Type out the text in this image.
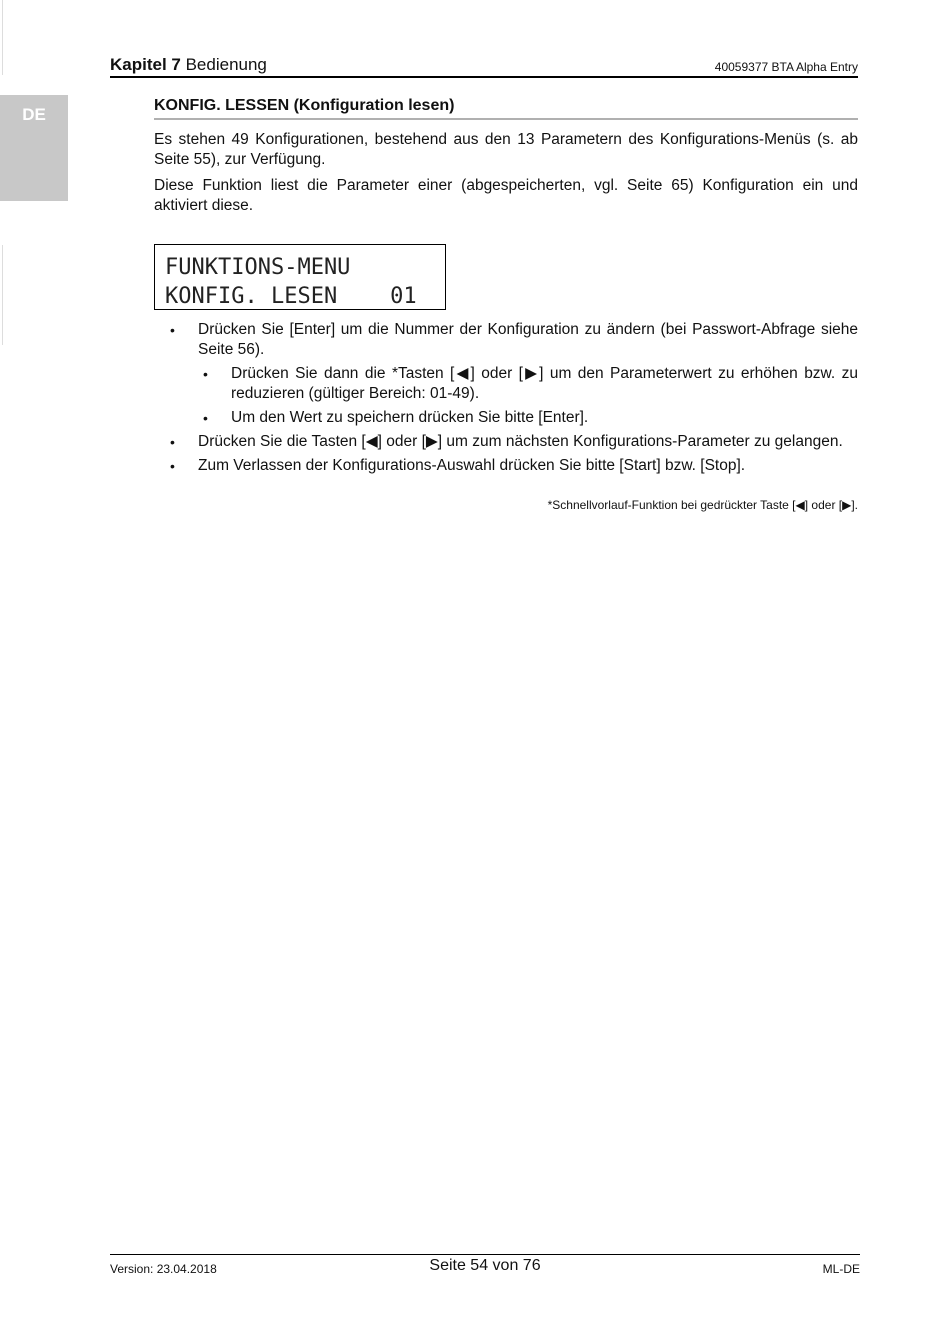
DE
Kapitel 7 Bedienung	40059377 BTA Alpha Entry
KONFIG. LESSEN (Konfiguration lesen)

Es stehen 49 Konfigurationen, bestehend aus den 13 Parametern des Konfigurations-Menüs (s. ab Seite 55), zur Verfügung.

Diese Funktion liest die Parameter einer (abgespeicherten, vgl. Seite 65) Konfiguration ein und aktiviert diese.

FUNKTIONS-MENU
KONFIG. LESEN    01
• Drücken Sie [Enter] um die Nummer der Konfiguration zu ändern (bei Passwort-Abfrage siehe Seite 56).
• Drücken Sie dann die *Tasten [◀] oder [▶] um den Parameterwert zu erhöhen bzw. zu reduzieren (gültiger Bereich: 01-49).
• Um den Wert zu speichern drücken Sie bitte [Enter].
• Drücken Sie die Tasten [◀] oder [▶] um zum nächsten Konfigurations-Parameter zu gelangen.
• Zum Verlassen der Konfigurations-Auswahl drücken Sie bitte [Start] bzw. [Stop].
*Schnellvorlauf-Funktion bei gedrückter Taste [◀] oder [▶].
Version: 23.04.2018	Seite 54 von 76	ML-DE
